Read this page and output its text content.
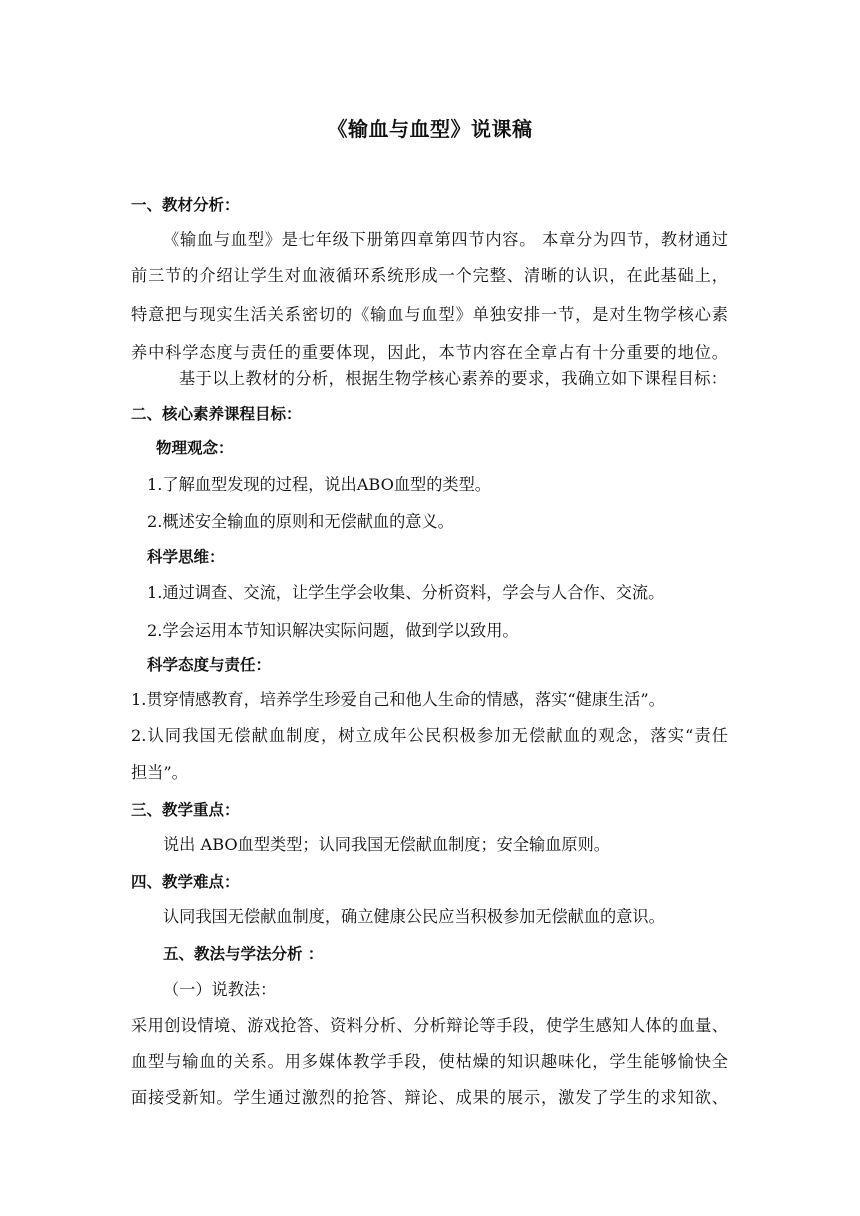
《输血与血型》说课稿
一、教材分析：
《输血与血型》是七年级下册第四章第四节内容。 本章分为四节，教材通过
前三节的介绍让学生对血液循环系统形成一个完整、清晰的认识，在此基础上，
特意把与现实生活关系密切的《输血与血型》单独安排一节，是对生物学核心素
养中科学态度与责任的重要体现，因此，本节内容在全章占有十分重要的地位。
基于以上教材的分析，根据生物学核心素养的要求，我确立如下课程目标：
二、核心素养课程目标：
物理观念：
1.了解血型发现的过程，说出ABO血型的类型。
2.概述安全输血的原则和无偿献血的意义。
科学思维：
1.通过调查、交流，让学生学会收集、分析资料，学会与人合作、交流。
2.学会运用本节知识解决实际问题，做到学以致用。
科学态度与责任：
1.贯穿情感教育，培养学生珍爱自己和他人生命的情感，落实“健康生活”。
2.认同我国无偿献血制度，树立成年公民积极参加无偿献血的观念，落实“责任
担当”。
三、教学重点：
说出 ABO血型类型；认同我国无偿献血制度；安全输血原则。
四、教学难点：
认同我国无偿献血制度，确立健康公民应当积极参加无偿献血的意识。
五、教法与学法分析 ：
（一）说教法：
采用创设情境、游戏抢答、资料分析、分析辩论等手段，使学生感知人体的血量、
血型与输血的关系。用多媒体教学手段，使枯燥的知识趣味化，学生能够愉快全
面接受新知。学生通过激烈的抢答、辩论、成果的展示，激发了学生的求知欲、
